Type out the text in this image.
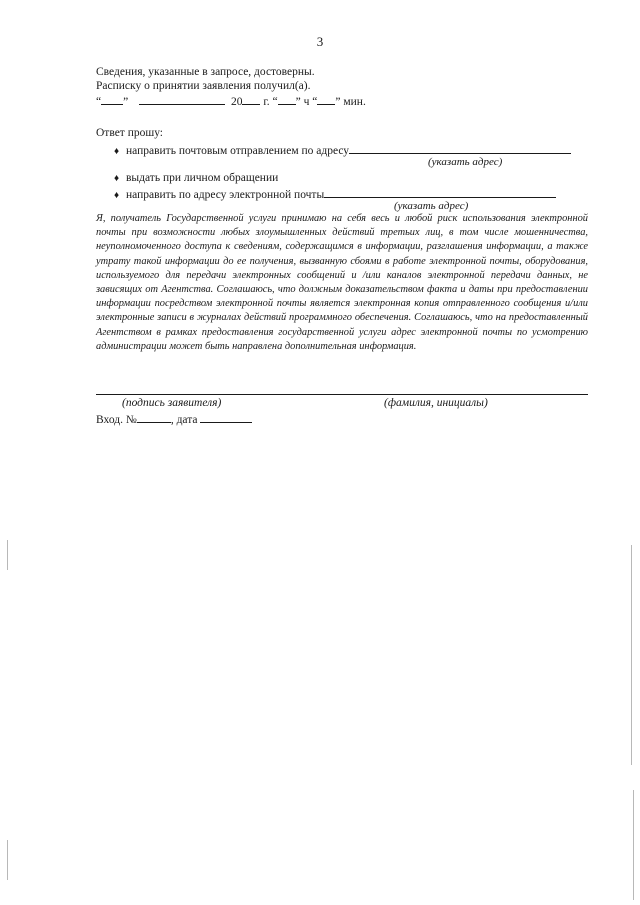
3
Сведения, указанные в запросе, достоверны.
Расписку о принятии заявления получил(а).
“ ”	20 г. “ ” ч “ ” мин.
Ответ прошу:
♦ направить почтовым отправлением по адресу
(указать адрес)
♦ выдать при личном обращении
♦ направить по адресу электронной почты
(указать адрес)
Я, получатель Государственной услуги принимаю на себя весь и любой риск использования электронной почты при возможности любых злоумышленных действий третьих лиц, в том числе мошенничества, неуполномоченного доступа к сведениям, содержащимся в информации, разглашения информации, а также утрату такой информации до ее получения, вызванную сбоями в работе электронной почты, оборудования, используемого для передачи электронных сообщений и /или каналов электронной передачи данных, не зависящих от Агентства. Соглашаюсь, что должным доказательством факта и даты при предоставлении информации посредством электронной почты является электронная копия отправленного сообщения и/или электронные записи в журналах действий программного обеспечения. Соглашаюсь, что на предоставленный Агентством в рамках предоставления государственной услуги адрес электронной почты по усмотрению администрации может быть направлена дополнительная информация.
(подпись заявителя)	(фамилия, инициалы)
Вход. №	, дата
